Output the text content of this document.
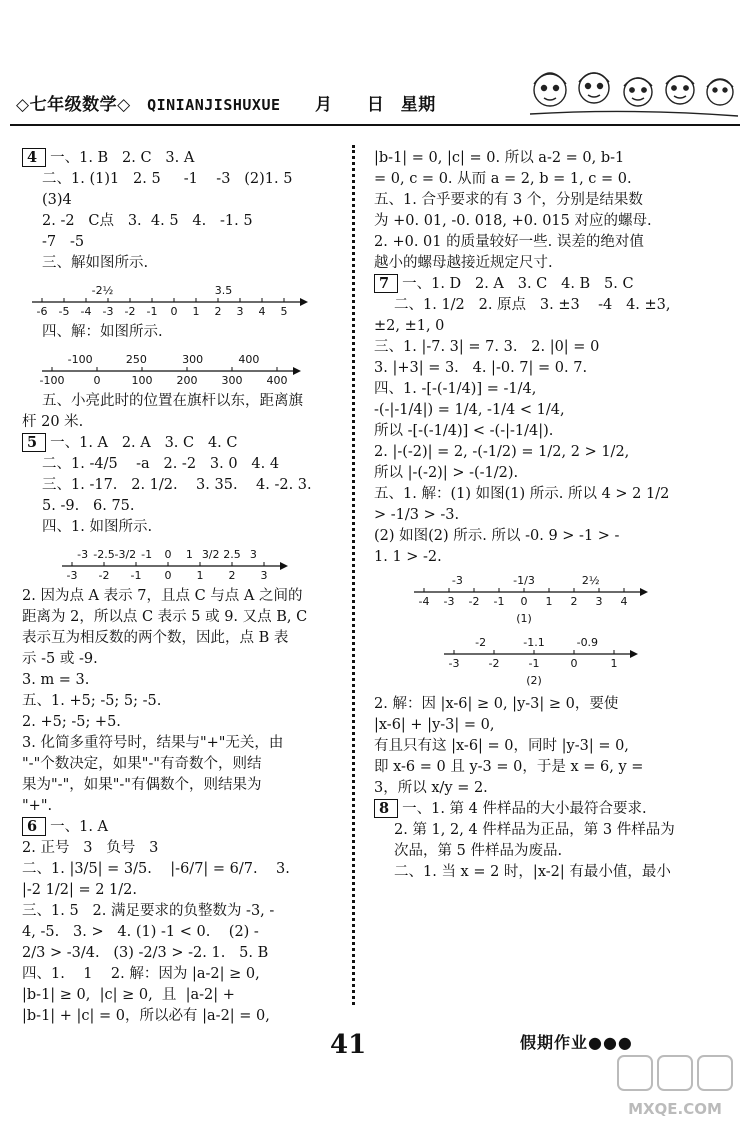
◇七年级数学◇ QINIANJISHUXUE 月 日 星期
4 一、1. B   2. C   3. A
二、1. (1)1   2. 5     -1    -3   (2)1. 5
(3)4
2. -2   C点   3.  4. 5   4.   -1. 5
-7   -5
三、解如图所示.
-6 -5 -4 -3 -2 -1 0 1 2 3 4 5
-2½	3.5
四、解：如图所示.
-100	0	100 200 300 400
-100	250	300	400
五、小亮此时的位置在旗杆以东，距离旗
杆 20 米.
5 一、1. A   2. A   3. C   4. C
二、1. -4/5    -a   2. -2   3. 0   4. 4
三、1. -17.   2. 1/2.    3. 35.    4. -2. 3.
5. -9.   6. 75.
四、1. 如图所示.
-3 -2 -1 0 1 2 3
-3 -2.5 -3/2 -1 0 1 3/2 2.5 3
2. 因为点 A 表示 7，且点 C 与点 A 之间的
距离为 2，所以点 C 表示 5 或 9. 又点 B, C
表示互为相反数的两个数，因此，点 B 表
示 -5 或 -9.
3. m = 3.
五、1. +5; -5; 5; -5.
2. +5; -5; +5.
3. 化简多重符号时，结果与"+"无关，由
"-"个数决定，如果"-"有奇数个，则结
果为"-"，如果"-"有偶数个，则结果为
"+".
6 一、1. A
2. 正号   3   负号   3
二、1. |3/5| = 3/5.    |-6/7| = 6/7.    3.
|-2 1/2| = 2 1/2.
三、1. 5   2. 满足要求的负整数为 -3, -
4, -5.   3. >   4. (1) -1 < 0.    (2) -
2/3 > -3/4.   (3) -2/3 > -2. 1.   5. B
四、1.    1    2. 解：因为 |a-2| ≥ 0,
|b-1| ≥ 0,  |c| ≥ 0,  且  |a-2| +
|b-1| + |c| = 0，所以必有 |a-2| = 0,
|b-1| = 0, |c| = 0. 所以 a-2 = 0, b-1
= 0, c = 0. 从而 a = 2, b = 1, c = 0.
五、1. 合乎要求的有 3 个，分别是结果数
为 +0. 01, -0. 018, +0. 015 对应的螺母.
2. +0. 01 的质量较好一些. 误差的绝对值
越小的螺母越接近规定尺寸.
7 一、1. D   2. A   3. C   4. B   5. C
二、1. 1/2   2. 原点   3. ±3    -4   4. ±3,
±2, ±1, 0
三、1. |-7. 3| = 7. 3.   2. |0| = 0
3. |+3| = 3.   4. |-0. 7| = 0. 7.
四、1. -[-(-1/4)] = -1/4,
-(-|-1/4|) = 1/4, -1/4 < 1/4,
所以 -[-(-1/4)] < -(-|-1/4|).
2. |-(-2)| = 2, -(-1/2) = 1/2, 2 > 1/2,
所以 |-(-2)| > -(-1/2).
五、1. 解：(1) 如图(1) 所示. 所以 4 > 2 1/2
> -1/3 > -3.
(2) 如图(2) 所示. 所以 -0. 9 > -1 > -
1. 1 > -2.
-4 -3 -2 -1 0 1 2 3 4
-3	-1/3	2½
(1)
-3	-2	-1	0	1
-2	-1.1	-0.9
(2)
2. 解：因 |x-6| ≥ 0, |y-3| ≥ 0，要使
|x-6| + |y-3| = 0,
有且只有这 |x-6| = 0，同时 |y-3| = 0,
即 x-6 = 0 且 y-3 = 0，于是 x = 6, y =
3，所以 x/y = 2.
8 一、1. 第 4 件样品的大小最符合要求.
2. 第 1, 2, 4 件样品为正品，第 3 件样品为
次品，第 5 件样品为废品.
二、1. 当 x = 2 时，|x-2| 有最小值，最小
41	假期作业●●●
MXQE.COM
